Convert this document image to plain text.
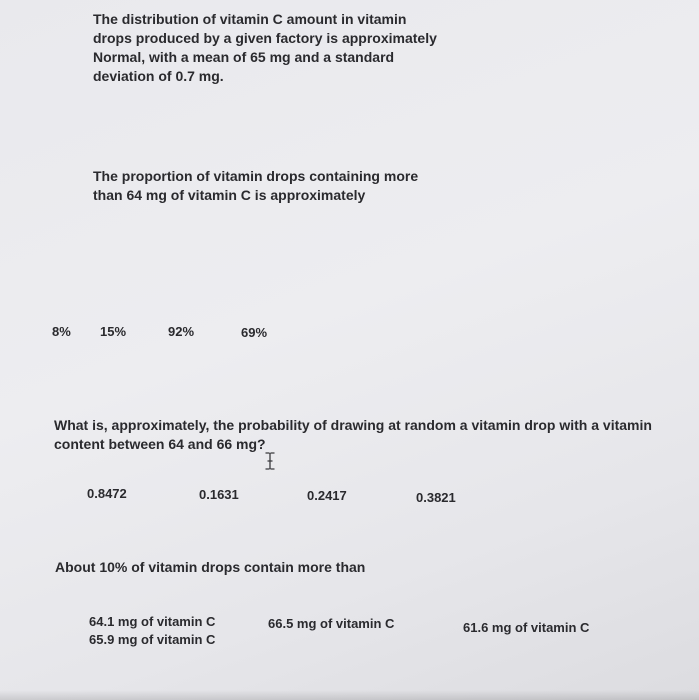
The distribution of vitamin C amount in vitamin
drops produced by a given factory is approximately
Normal, with a mean of 65 mg and a standard
deviation of 0.7 mg.
The proportion of vitamin drops containing more
than 64 mg of vitamin C is approximately
8% 15%	92%	69%
What is, approximately, the probability of drawing at random a vitamin drop with a vitamin
content between 64 and 66 mg?
0.8472	0.1631	0.2417	0.3821
About 10% of vitamin drops contain more than
64.1 mg of vitamin C
65.9 mg of vitamin C
66.5 mg of vitamin C	61.6 mg of vitamin C
